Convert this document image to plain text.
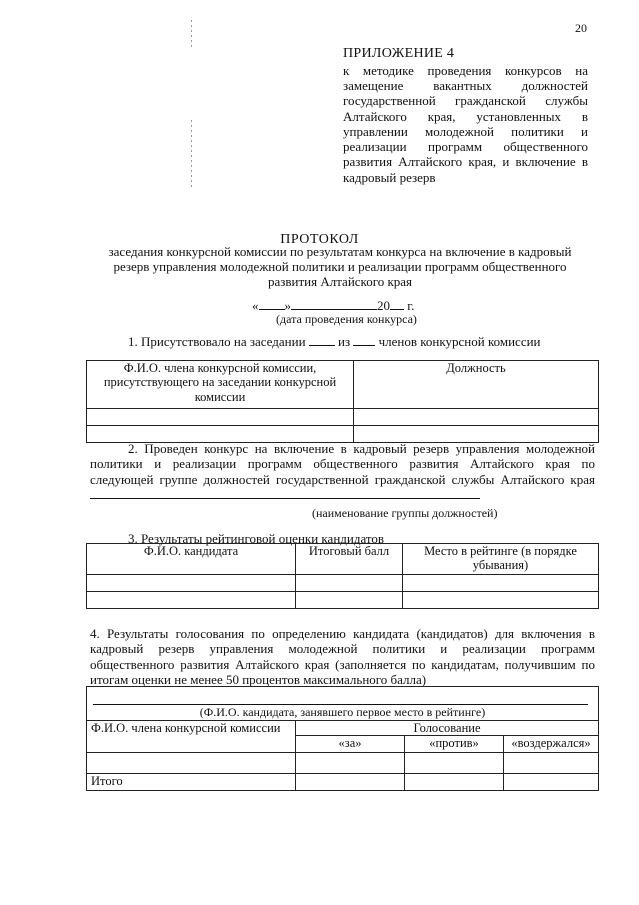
20
ПРИЛОЖЕНИЕ 4
к методике проведения конкурсов на замещение вакантных должностей государственной гражданской службы Алтайского края, установленных в управлении молодежной политики и реализации программ общественного развития Алтайского края, и включение в кадровый резерв
ПРОТОКОЛ
заседания конкурсной комиссии по результатам конкурса на включение в кадровый резерв управления молодежной политики и реализации программ общественного развития Алтайского края
« »	20 г.
(дата проведения конкурса)
1. Присутствовало на заседании	из членов конкурсной комиссии
Ф.И.О. члена конкурсной комиссии, присутствующего на заседании конкурсной комиссии	Должность

2. Проведен конкурс на включение в кадровый резерв управления молодежной политики и реализации программ общественного развития Алтайского края по следующей группе должностей государственной гражданской службы Алтайского края
(наименование группы должностей)
3. Результаты рейтинговой оценки кандидатов
Ф.И.О. кандидата	Итоговый балл	Место в рейтинге (в порядке убывания)

4. Результаты голосования по определению кандидата (кандидатов) для включения в кадровый резерв управления молодежной политики и реализации программ общественного развития Алтайского края (заполняется по кандидатам, получившим по итогам оценки не менее 50 процентов максимального балла)
(Ф.И.О. кандидата, занявшего первое место в рейтинге)			

Ф.И.О. члена конкурсной комиссии	Голосование		
	«за»	«против»	«воздержался»

Итого			
